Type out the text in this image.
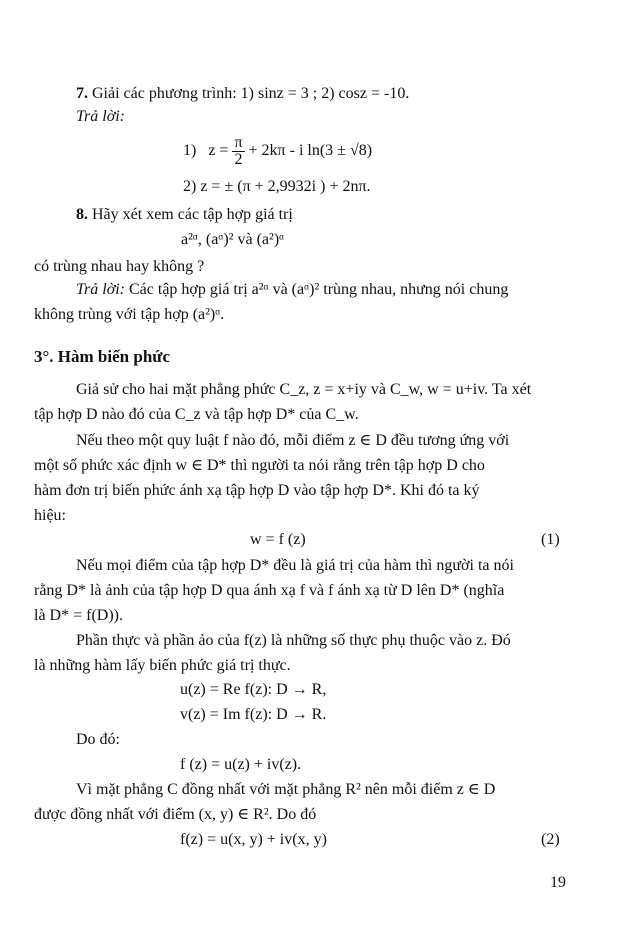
7. Giải các phương trình: 1) sinz = 3 ; 2) cosz = -10.
Trả lời:
1) $z = \frac{\pi}{2} + 2k\pi - i$ ln(3 ± √8)
2) z = ± (π + 2,9932i ) + 2nπ.
8. Hãy xét xem các tập hợp giá trị
a²ᵅ, (aᵅ)² và (a²)ᵅ
có trùng nhau hay không ?
Trả lời: Các tập hợp giá trị a²ᵅ và (aᵅ)² trùng nhau, nhưng nói chung
không trùng với tập hợp (a²)ᵅ.
3°. Hàm biến phức
Giả sử cho hai mặt phẳng phức C_z, z = x+iy và C_w, w = u+iv. Ta xét
tập hợp D nào đó của C_z và tập hợp D* của C_w.
Nếu theo một quy luật f nào đó, mỗi điểm z ∈ D đều tương ứng với
một số phức xác định w ∈ D* thì người ta nói rằng trên tập hợp D cho
hàm đơn trị biến phức ánh xạ tập hợp D vào tập hợp D*. Khi đó ta ký
hiệu:
w = f (z)	(1)
Nếu mọi điểm của tập hợp D* đều là giá trị của hàm thì người ta nói
rằng D* là ảnh của tập hợp D qua ánh xạ f và f ánh xạ từ D lên D* (nghĩa
là D* = f(D)).
Phần thực và phần ảo của f(z) là những số thực phụ thuộc vào z. Đó
là những hàm lấy biến phức giá trị thực.
u(z) = Re f(z): D → R,
v(z) = Im f(z): D → R.
Do đó:
f (z) = u(z) + iv(z).
Vì mặt phẳng C đồng nhất với mặt phẳng R² nên mỗi điểm z ∈ D
được đồng nhất với điểm (x, y) ∈ R². Do đó
f(z) = u(x, y) + iv(x, y)	(2)
19
